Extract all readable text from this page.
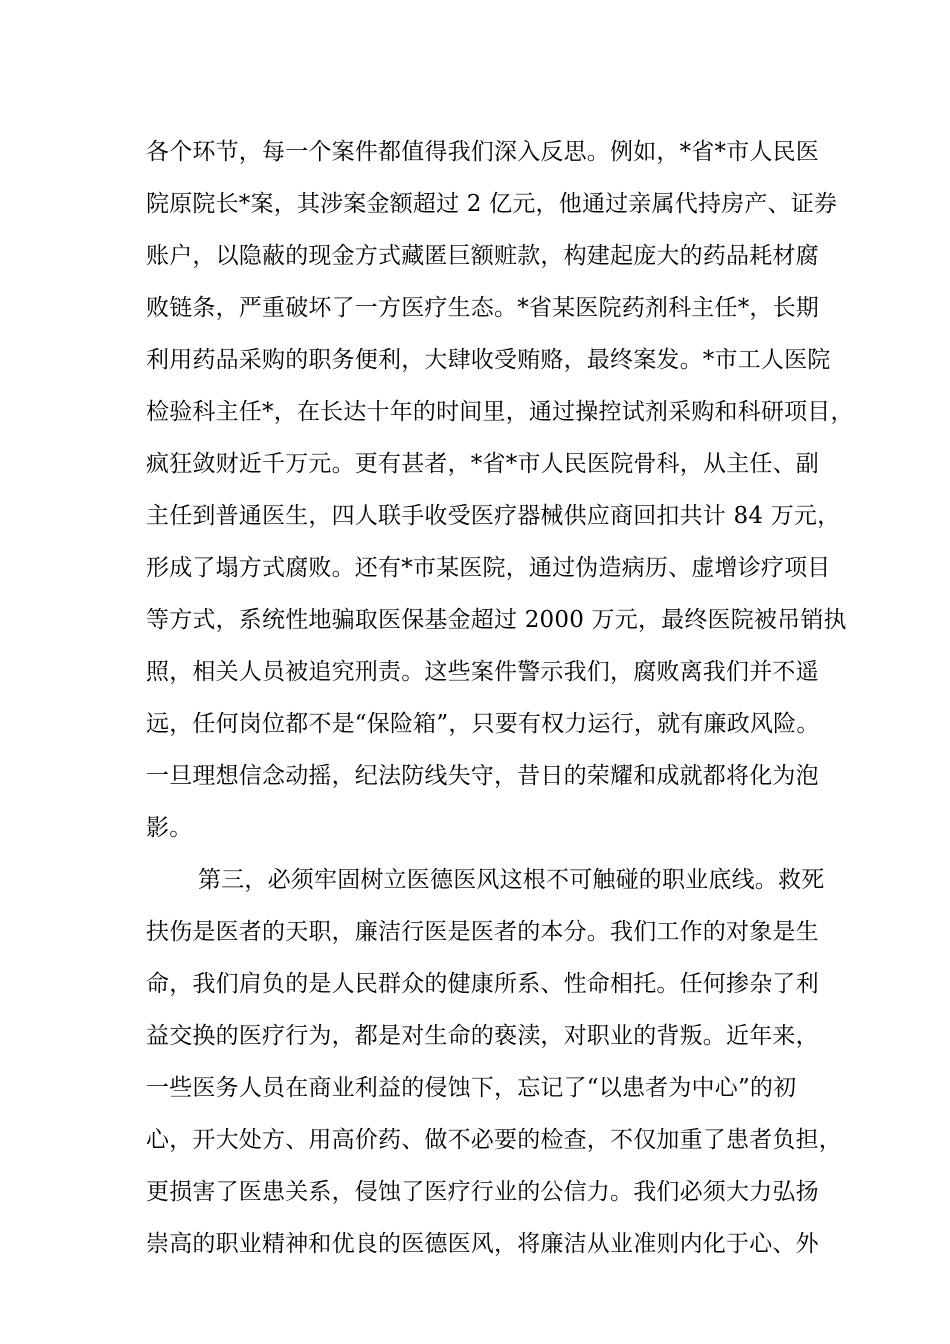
各个环节，每一个案件都值得我们深入反思。例如，*省*市人民医
院原院长*案，其涉案金额超过 2 亿元，他通过亲属代持房产、证券
账户，以隐蔽的现金方式藏匿巨额赃款，构建起庞大的药品耗材腐
败链条，严重破坏了一方医疗生态。*省某医院药剂科主任*，长期
利用药品采购的职务便利，大肆收受贿赂，最终案发。*市工人医院
检验科主任*，在长达十年的时间里，通过操控试剂采购和科研项目，
疯狂敛财近千万元。更有甚者，*省*市人民医院骨科，从主任、副
主任到普通医生，四人联手收受医疗器械供应商回扣共计 84 万元，
形成了塌方式腐败。还有*市某医院，通过伪造病历、虚增诊疗项目
等方式，系统性地骗取医保基金超过 2000 万元，最终医院被吊销执
照，相关人员被追究刑责。这些案件警示我们，腐败离我们并不遥
远，任何岗位都不是“保险箱”，只要有权力运行，就有廉政风险。
一旦理想信念动摇，纪法防线失守，昔日的荣耀和成就都将化为泡
影。
第三，必须牢固树立医德医风这根不可触碰的职业底线。救死
扶伤是医者的天职，廉洁行医是医者的本分。我们工作的对象是生
命，我们肩负的是人民群众的健康所系、性命相托。任何掺杂了利
益交换的医疗行为，都是对生命的亵渎，对职业的背叛。近年来，
一些医务人员在商业利益的侵蚀下，忘记了“以患者为中心”的初
心，开大处方、用高价药、做不必要的检查，不仅加重了患者负担，
更损害了医患关系，侵蚀了医疗行业的公信力。我们必须大力弘扬
崇高的职业精神和优良的医德医风，将廉洁从业准则内化于心、外
